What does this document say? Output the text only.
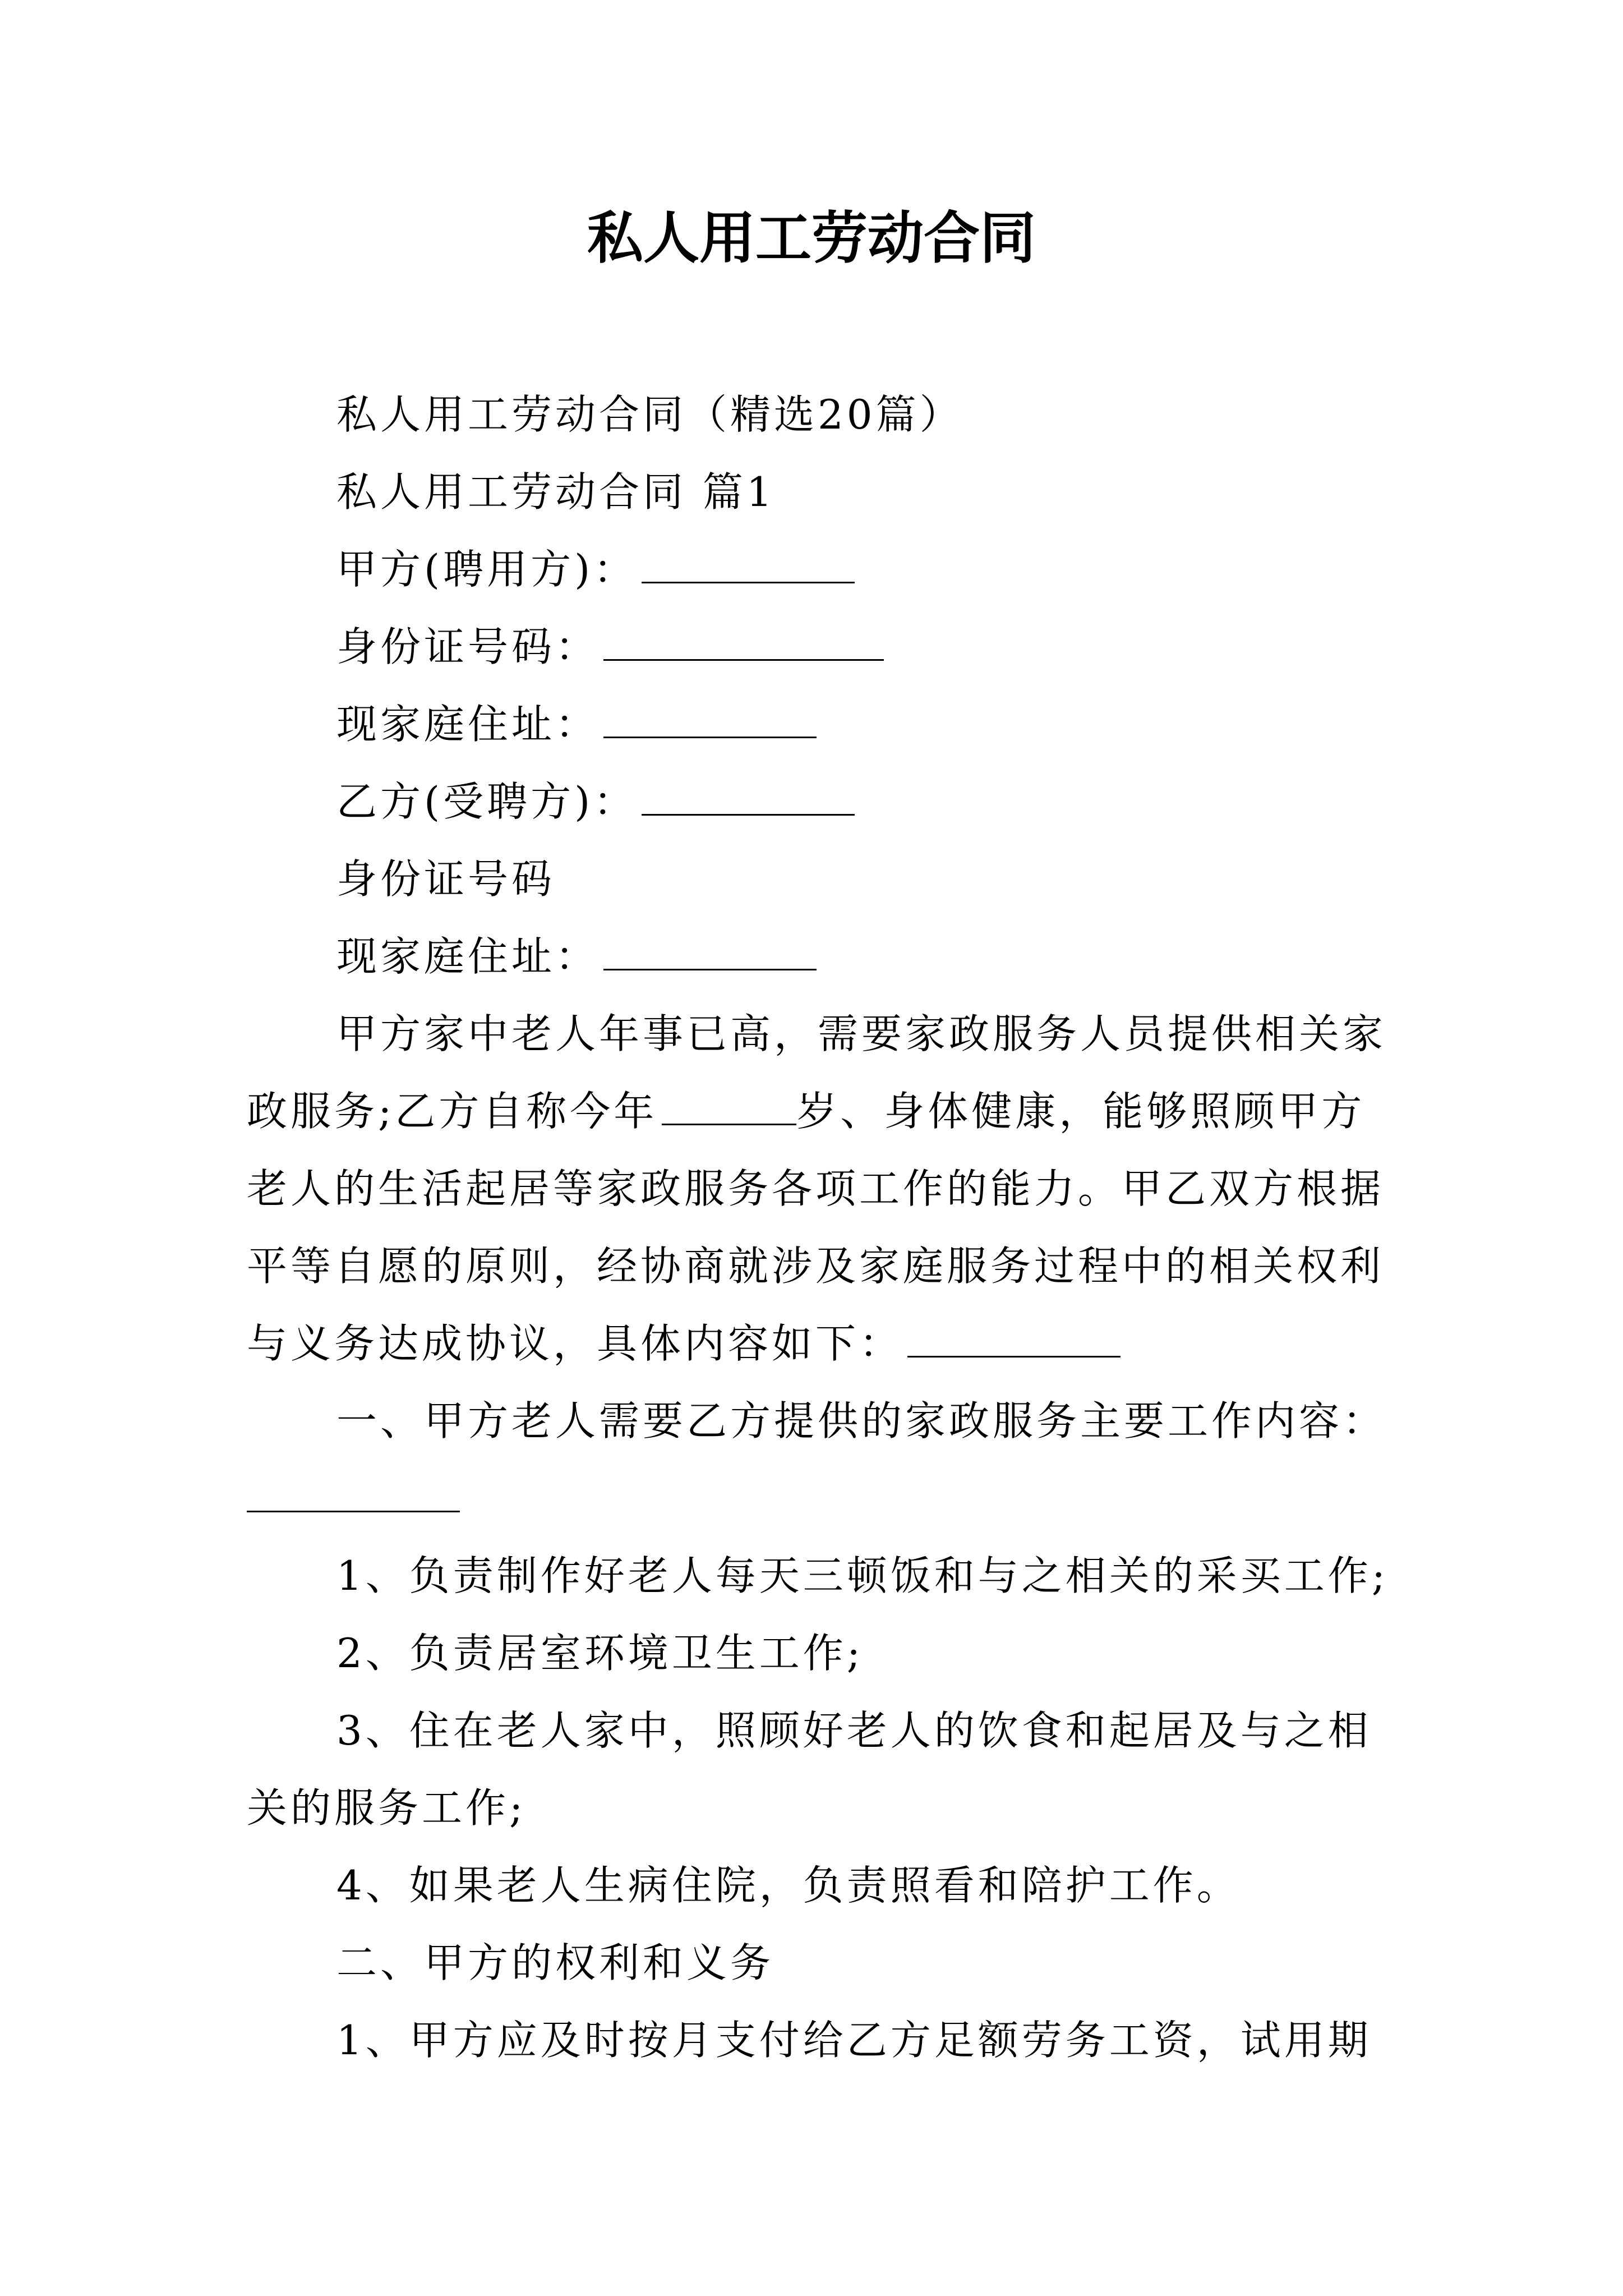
私人用工劳动合同

私人用工劳动合同（精选20篇）

私人用工劳动合同 篇1

甲方(聘用方)：

身份证号码：

现家庭住址：

乙方(受聘方)：

身份证号码

现家庭住址：

甲方家中老人年事已高，需要家政服务人员提供相关家政服务;乙方自称今年	岁、身体健康，能够照顾甲方老人的生活起居等家政服务各项工作的能力。甲乙双方根据平等自愿的原则，经协商就涉及家庭服务过程中的相关权利与义务达成协议，具体内容如下：

一、甲方老人需要乙方提供的家政服务主要工作内容：

1、负责制作好老人每天三顿饭和与之相关的采买工作;

2、负责居室环境卫生工作;

3、住在老人家中，照顾好老人的饮食和起居及与之相关的服务工作;

4、如果老人生病住院，负责照看和陪护工作。

二、甲方的权利和义务

1、甲方应及时按月支付给乙方足额劳务工资，试用期
